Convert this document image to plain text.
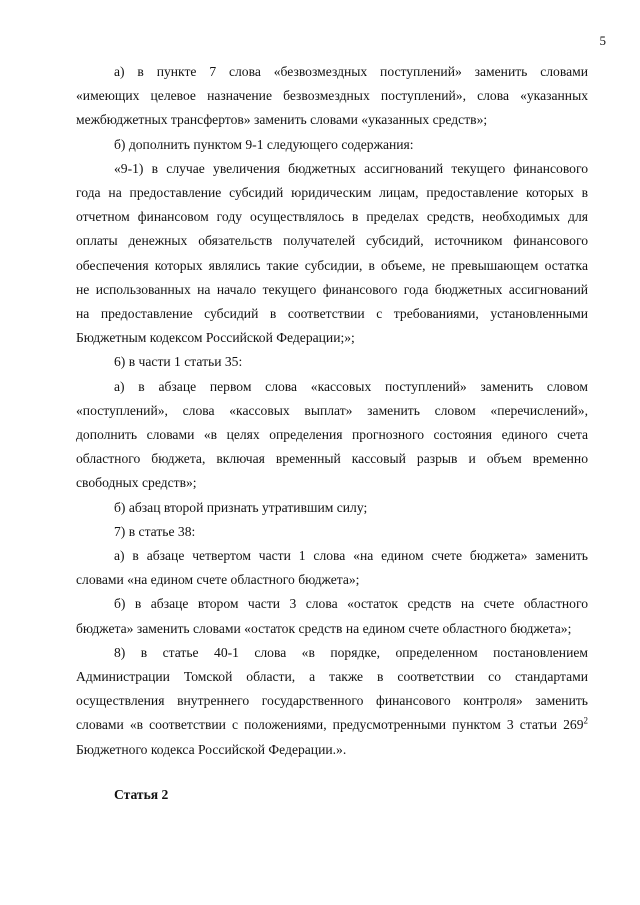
5
а) в пункте 7 слова «безвозмездных поступлений» заменить словами
«имеющих целевое назначение безвозмездных поступлений», слова «указанных
межбюджетных трансфертов» заменить словами «указанных средств»;
б) дополнить пунктом 9-1 следующего содержания:
«9-1) в случае увеличения бюджетных ассигнований текущего финансового
года на предоставление субсидий юридическим лицам, предоставление которых в
отчетном финансовом году осуществлялось в пределах средств, необходимых для
оплаты денежных обязательств получателей субсидий, источником финансового
обеспечения которых являлись такие субсидии, в объеме, не превышающем остатка
не использованных на начало текущего финансового года бюджетных ассигнований
на предоставление субсидий в соответствии с требованиями, установленными
Бюджетным кодексом Российской Федерации;»;
6) в части 1 статьи 35:
а) в абзаце первом слова «кассовых поступлений» заменить словом
«поступлений», слова «кассовых выплат» заменить словом «перечислений»,
дополнить словами «в целях определения прогнозного состояния единого счета
областного бюджета, включая временный кассовый разрыв и объем временно
свободных средств»;
б) абзац второй признать утратившим силу;
7) в статье 38:
а) в абзаце четвертом части 1 слова «на едином счете бюджета» заменить
словами «на едином счете областного бюджета»;
б) в абзаце втором части 3 слова «остаток средств на счете областного
бюджета» заменить словами «остаток средств на едином счете областного бюджета»;
8) в статье 40-1 слова «в порядке, определенном постановлением
Администрации Томской области, а также в соответствии со стандартами
осуществления внутреннего государственного финансового контроля» заменить
словами «в соответствии с положениями, предусмотренными пунктом 3 статьи $269^2$
Бюджетного кодекса Российской Федерации.».
Статья 2
